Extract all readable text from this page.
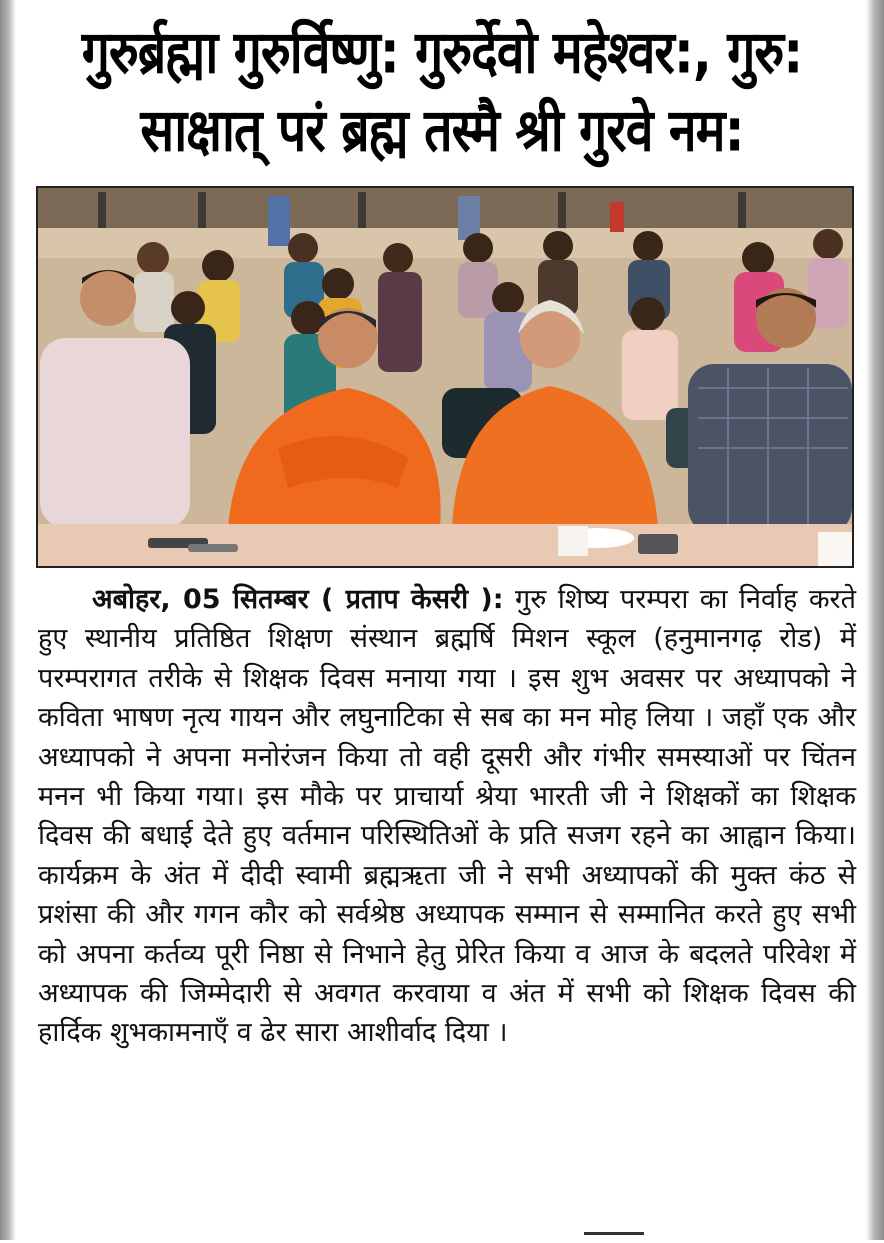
गुरुर्ब्रह्मा गुरुर्विष्णु: गुरुर्देवो महेश्वर:, गुरु:
साक्षात् परं ब्रह्म तस्मै श्री गुरवे नम:
अबोहर, 05 सितम्बर ( प्रताप केसरी ): गुरु शिष्य परम्परा का निर्वाह करते हुए स्थानीय प्रतिष्ठित शिक्षण संस्थान ब्रह्मर्षि मिशन स्कूल (हनुमानगढ़ रोड) में परम्परागत तरीके से शिक्षक दिवस मनाया गया । इस शुभ अवसर पर अध्यापको ने कविता भाषण नृत्य गायन और लघुनाटिका से सब का मन मोह लिया । जहाँ एक और अध्यापको ने अपना मनोरंजन किया तो वही दूसरी और गंभीर समस्याओं पर चिंतन मनन भी किया गया। इस मौके पर प्राचार्या श्रेया भारती जी ने शिक्षकों का शिक्षक दिवस की बधाई देते हुए वर्तमान परिस्थितिओं के प्रति सजग रहने का आह्वान किया। कार्यक्रम के अंत में दीदी स्वामी ब्रह्मऋता जी ने सभी अध्यापकों की मुक्त कंठ से प्रशंसा की और गगन कौर को सर्वश्रेष्ठ अध्यापक सम्मान से सम्मानित करते हुए सभी को अपना कर्तव्य पूरी निष्ठा से निभाने हेतु प्रेरित किया व आज के बदलते परिवेश में अध्यापक की जिम्मेदारी से अवगत करवाया व अंत में सभी को शिक्षक दिवस की हार्दिक शुभकामनाएँ व ढेर सारा आशीर्वाद दिया ।
